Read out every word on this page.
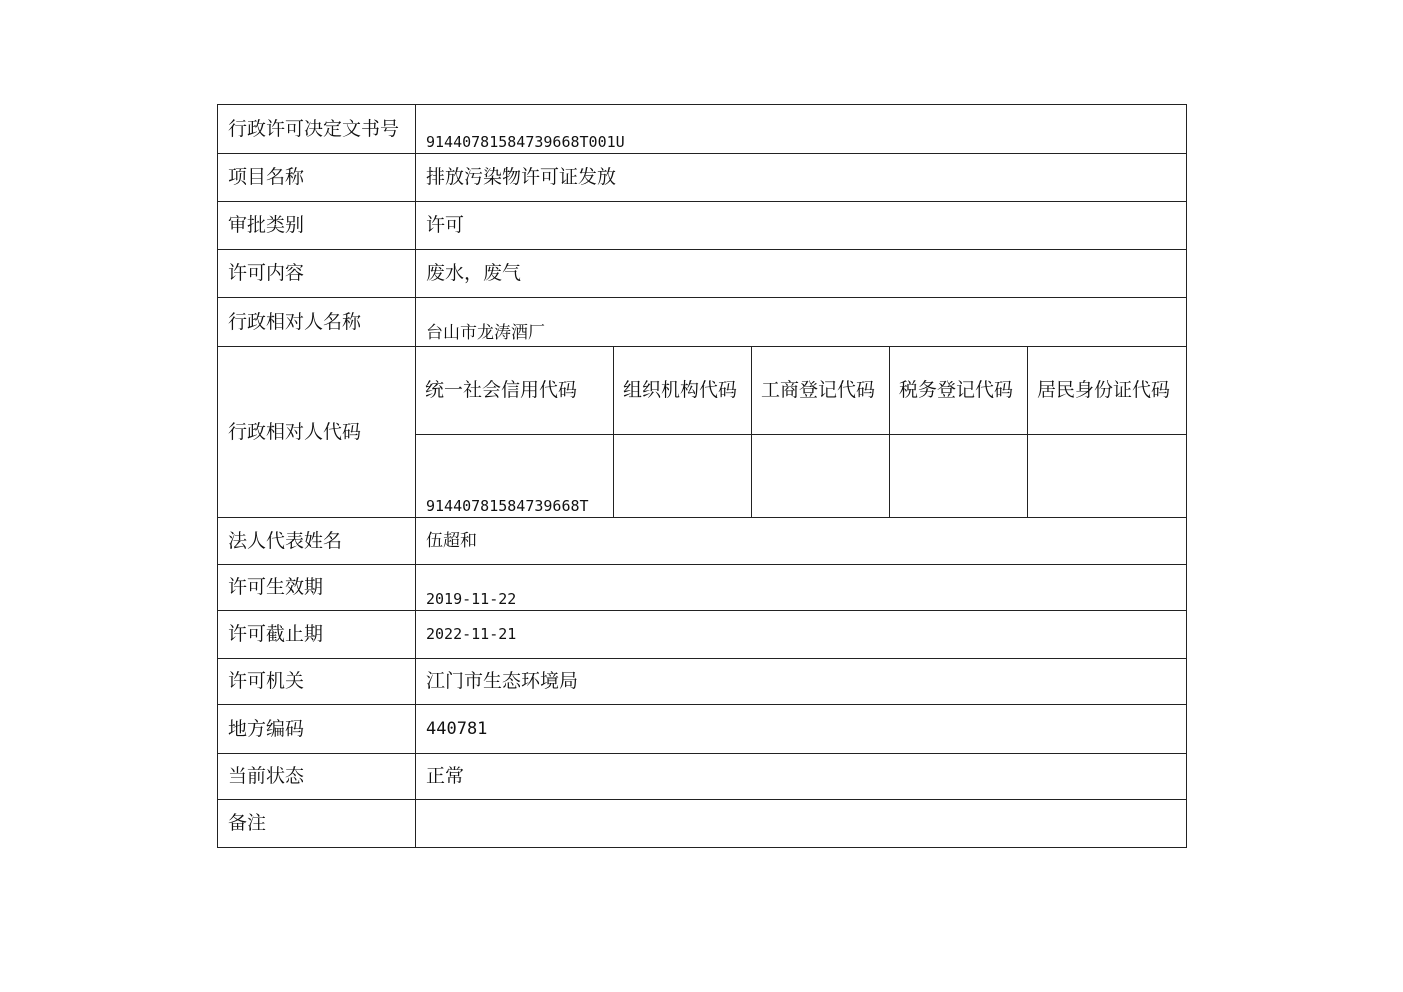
行政许可决定文书号	91440781584739668T001U				
项目名称	排放污染物许可证发放				
审批类别	许可				
许可内容	废水，废气				
行政相对人名称	台山市龙涛酒厂				
行政相对人代码	统一社会信用代码	组织机构代码	工商登记代码	税务登记代码	居民身份证代码
	91440781584739668T				
法人代表姓名	伍超和				
许可生效期	2019-11-22				
许可截止期	2022-11-21				
许可机关	江门市生态环境局				
地方编码	440781				
当前状态	正常				
备注					
